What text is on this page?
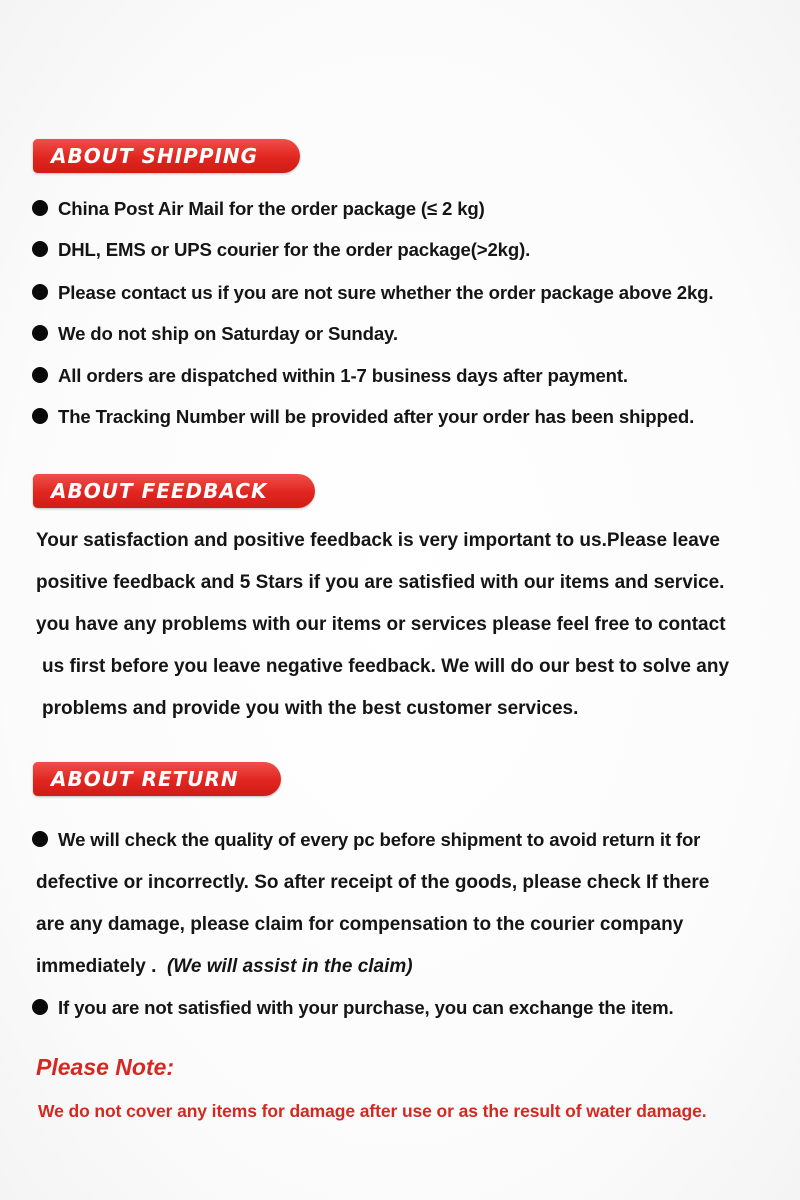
ABOUT SHIPPING
China Post Air Mail for the order package (≤ 2 kg)
DHL, EMS or UPS courier for the order package(>2kg).
Please contact us if you are not sure whether the order package above 2kg.
We do not ship on Saturday or Sunday.
All orders are dispatched within 1-7 business days after payment.
The Tracking Number will be provided after your order has been shipped.
ABOUT FEEDBACK
Your satisfaction and positive feedback is very important to us.Please leave
positive feedback and 5 Stars if you are satisfied with our items and service.
you have any problems with our items or services please feel free to contact
us first before you leave negative feedback. We will do our best to solve any
problems and provide you with the best customer services.
ABOUT RETURN
We will check the quality of every pc before shipment to avoid return it for
defective or incorrectly. So after receipt of the goods, please check If there
are any damage, please claim for compensation to the courier company
immediately .  (We will assist in the claim)
If you are not satisfied with your purchase, you can exchange the item.
Please Note:
We do not cover any items for damage after use or as the result of water damage.
